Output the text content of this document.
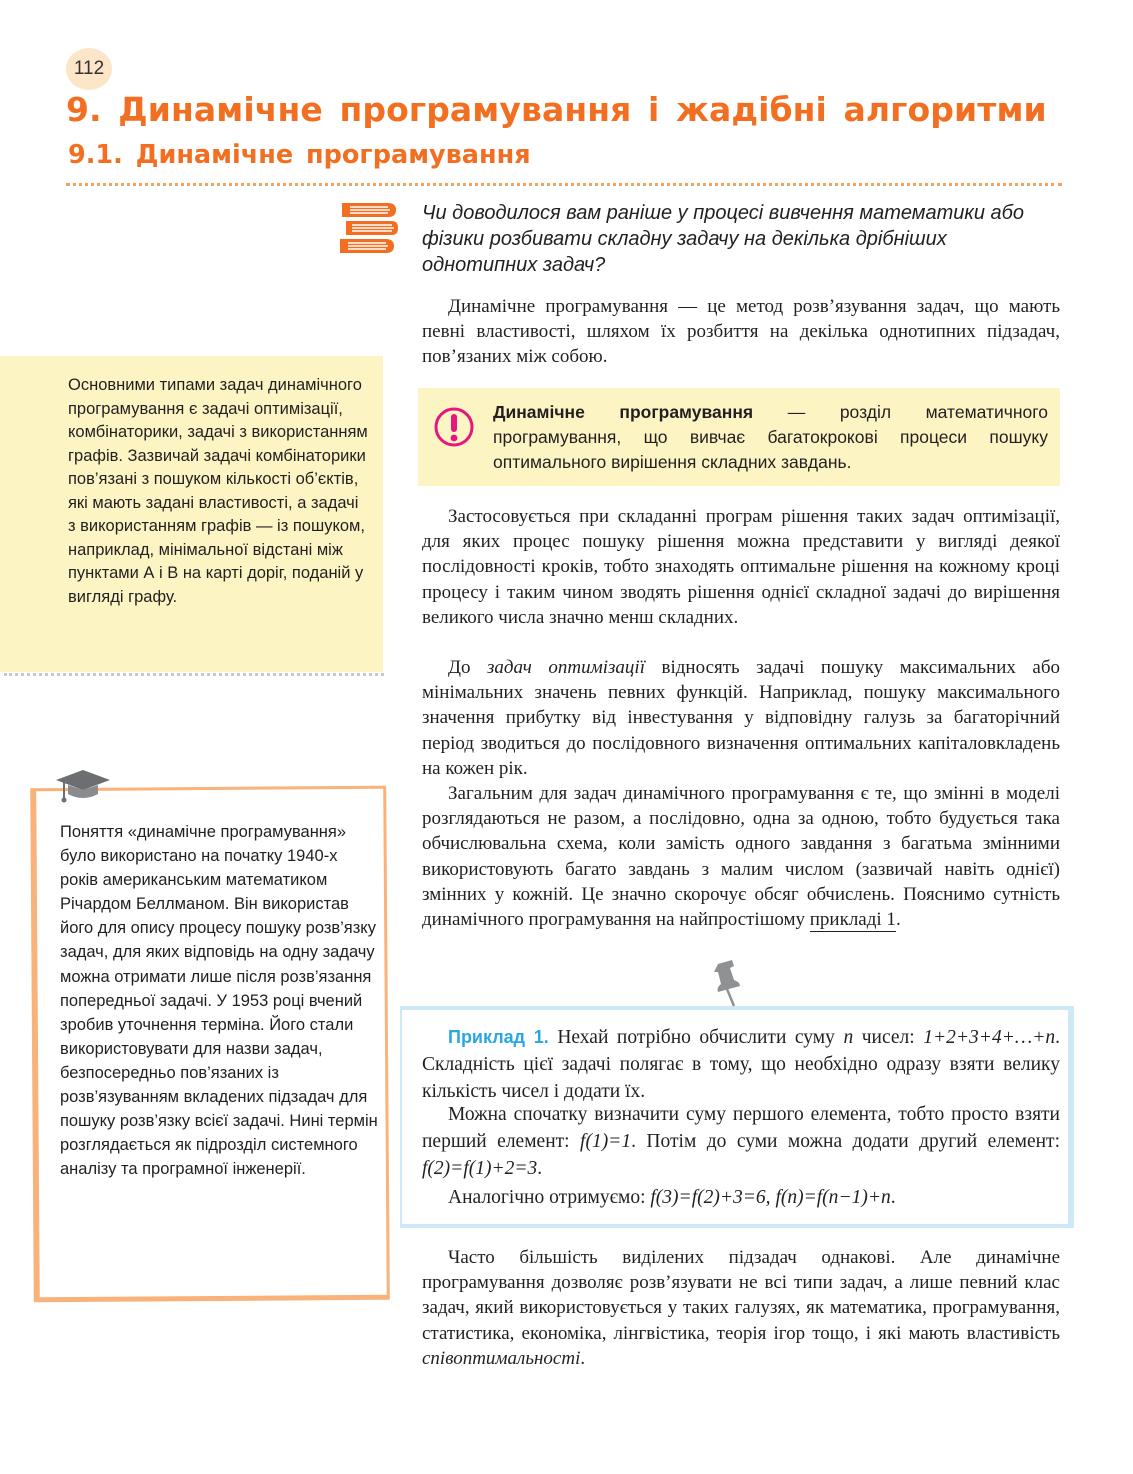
112
9. Динамічне програмування і жадібні алгоритми
9.1. Динамічне програмування

Чи доводилося вам раніше у процесі вивчення математики або фізики розбивати складну задачу на декілька дрібніших однотипних задач?

Динамічне програмування — це метод розв’язування задач, що мають певні властивості, шляхом їх розбиття на декілька однотипних підзадач, пов’язаних між собою.

Динамічне програмування — розділ математичного програмування, що вивчає багатокрокові процеси пошуку оптимального вирішення складних завдань.

Застосовується при складанні програм рішення таких задач оптимізації, для яких процес пошуку рішення можна представити у вигляді деякої послідовності кроків, тобто знаходять оптимальне рішення на кожному кроці процесу і таким чином зводять рішення однієї складної задачі до вирішення великого числа значно менш складних.

До задач оптимізації відносять задачі пошуку максимальних або мінімальних значень певних функцій. Наприклад, пошуку максимального значення прибутку від інвестування у відповідну галузь за багаторічний період зводиться до послідовного визначення оптимальних капіталовкладень на кожен рік.

Загальним для задач динамічного програмування є те, що змінні в моделі розглядаються не разом, а послідовно, одна за одною, тобто будується така обчислювальна схема, коли замість одного завдання з багатьма змінними використовують багато завдань з малим числом (зазвичай навіть однієї) змінних у кожній. Це значно скорочує обсяг обчислень. Пояснимо сутність динамічного програмування на найпростішому прикладі 1.

Основними типами задач динамічного програмування є задачі оптимізації, комбінаторики, задачі з використанням графів. Зазвичай задачі комбінаторики пов’язані з пошуком кількості об’єктів, які мають задані властивості, а задачі з використанням графів — із пошуком, наприклад, мінімальної відстані між пунктами А і В на карті доріг, поданій у вигляді графу.

Поняття «динамічне програмування» було використано на початку 1940-х років американським математиком Річардом Беллманом. Він використав його для опису процесу пошуку розв’язку задач, для яких відповідь на одну задачу можна отримати лише після розв’язання попередньої задачі. У 1953 році вчений зробив уточнення терміна. Його стали використовувати для назви задач, безпосередньо пов’язаних із розв’язуванням вкладених підзадач для пошуку розв’язку всієї задачі. Нині термін розглядається як підрозділ системного аналізу та програмної інженерії.

Приклад 1. Нехай потрібно обчислити суму n чисел: 1+2+3+4+…+n. Складність цієї задачі полягає в тому, що необхідно одразу взяти велику кількість чисел і додати їх.

Можна спочатку визначити суму першого елемента, тобто просто взяти перший елемент: f(1)=1. Потім до суми можна додати другий елемент: f(2)=f(1)+2=3.

Аналогічно отримуємо: f(3)=f(2)+3=6, f(n)=f(n−1)+n.

Часто більшість виділених підзадач однакові. Але динамічне програмування дозволяє розв’язувати не всі типи задач, а лише певний клас задач, який використовується у таких галузях, як математика, програмування, статистика, економіка, лінгвістика, теорія ігор тощо, і які мають властивість співоптимальності.
